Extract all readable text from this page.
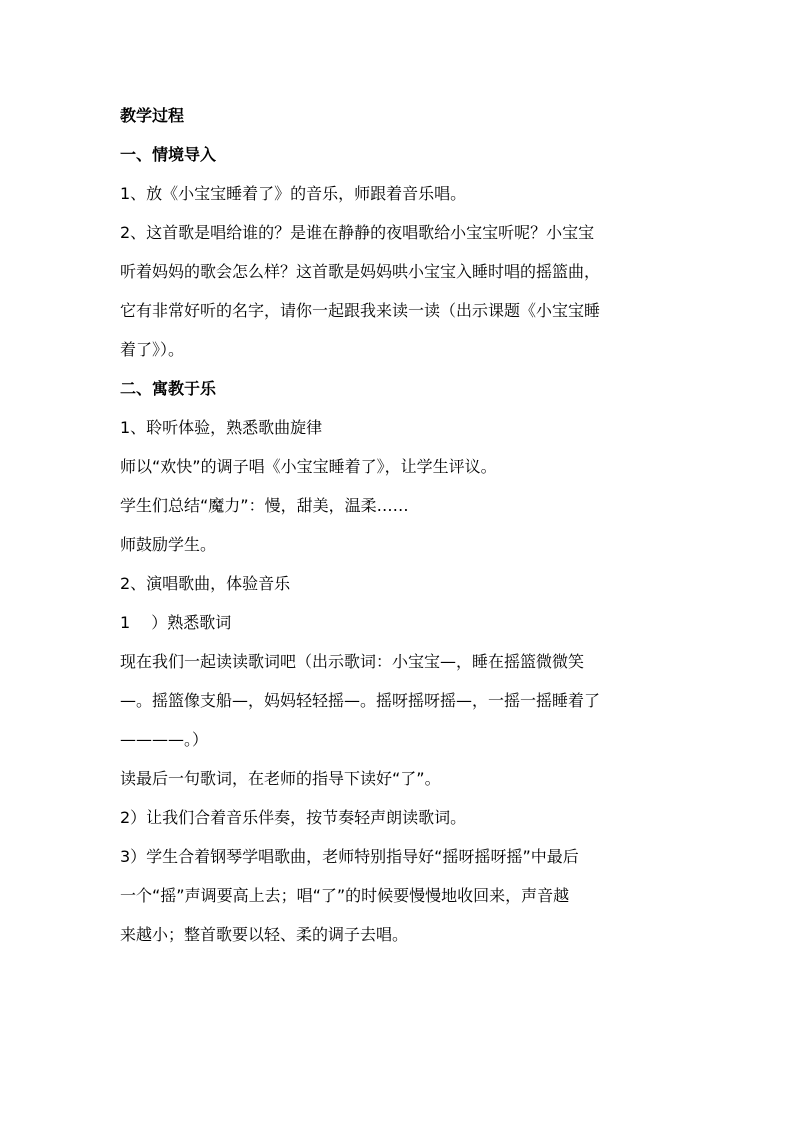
教学过程

一、情境导入

1、放《小宝宝睡着了》的音乐，师跟着音乐唱。

2、这首歌是唱给谁的？是谁在静静的夜唱歌给小宝宝听呢？小宝宝

听着妈妈的歌会怎么样？这首歌是妈妈哄小宝宝入睡时唱的摇篮曲，

它有非常好听的名字，请你一起跟我来读一读（出示课题《小宝宝睡

着了》）。

二、寓教于乐

1、聆听体验，熟悉歌曲旋律

师以“欢快”的调子唱《小宝宝睡着了》，让学生评议。

学生们总结“魔力”：慢，甜美，温柔……

师鼓励学生。

2、演唱歌曲，体验音乐

1　 ）熟悉歌词

现在我们一起读读歌词吧（出示歌词：小宝宝—，睡在摇篮微微笑

—。摇篮像支船—，妈妈轻轻摇—。摇呀摇呀摇—，一摇一摇睡着了

————。）

读最后一句歌词，在老师的指导下读好“了”。

2）让我们合着音乐伴奏，按节奏轻声朗读歌词。

3）学生合着钢琴学唱歌曲，老师特别指导好“摇呀摇呀摇”中最后

一个“摇”声调要高上去；唱“了”的时候要慢慢地收回来，声音越

来越小；整首歌要以轻、柔的调子去唱。
